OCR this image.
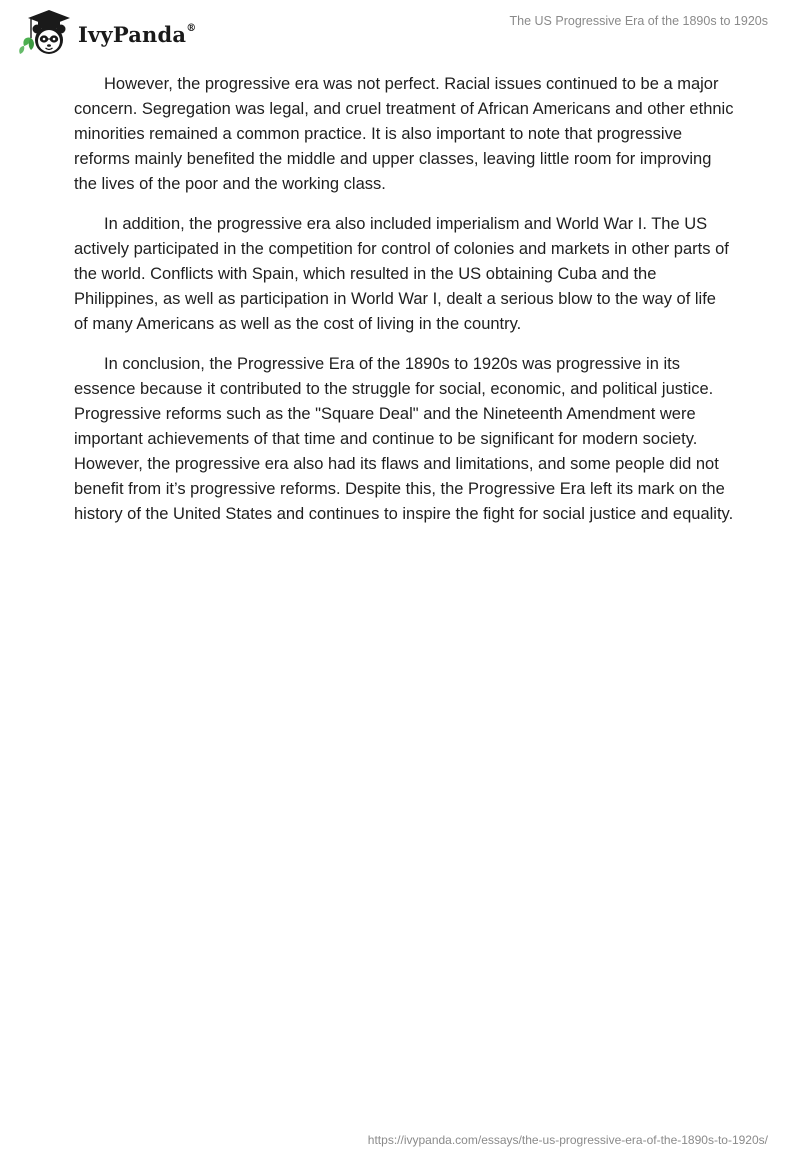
IvyPanda®	The US Progressive Era of the 1890s to 1920s

However, the progressive era was not perfect. Racial issues continued to be a major concern. Segregation was legal, and cruel treatment of African Americans and other ethnic minorities remained a common practice. It is also important to note that progressive reforms mainly benefited the middle and upper classes, leaving little room for improving the lives of the poor and the working class.

In addition, the progressive era also included imperialism and World War I. The US actively participated in the competition for control of colonies and markets in other parts of the world. Conflicts with Spain, which resulted in the US obtaining Cuba and the Philippines, as well as participation in World War I, dealt a serious blow to the way of life of many Americans as well as the cost of living in the country.

In conclusion, the Progressive Era of the 1890s to 1920s was progressive in its essence because it contributed to the struggle for social, economic, and political justice. Progressive reforms such as the "Square Deal" and the Nineteenth Amendment were important achievements of that time and continue to be significant for modern society. However, the progressive era also had its flaws and limitations, and some people did not benefit from it’s progressive reforms. Despite this, the Progressive Era left its mark on the history of the United States and continues to inspire the fight for social justice and equality.

https://ivypanda.com/essays/the-us-progressive-era-of-the-1890s-to-1920s/
